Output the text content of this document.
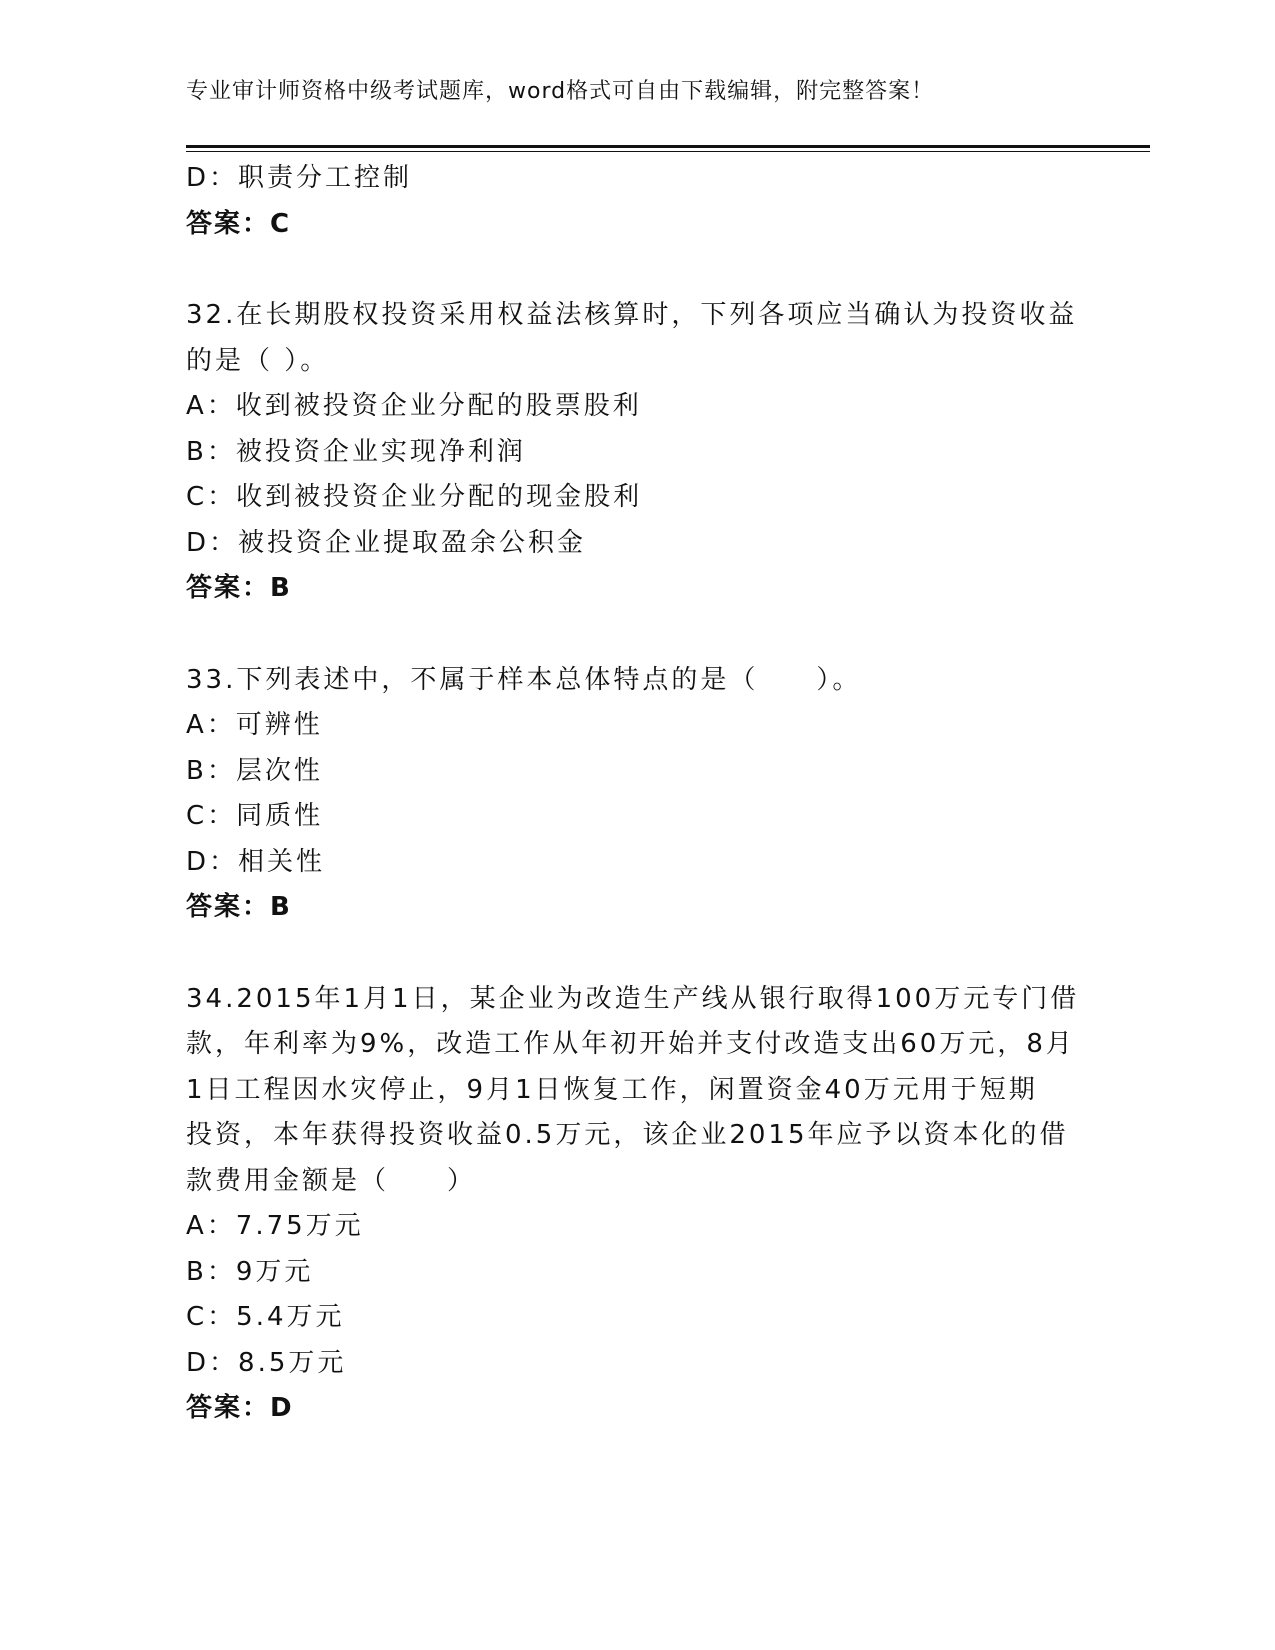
专业审计师资格中级考试题库，word格式可自由下载编辑，附完整答案！
D：职责分工控制
答案：C
32.在长期股权投资采用权益法核算时，下列各项应当确认为投资收益
的是（ ）。
A：收到被投资企业分配的股票股利
B：被投资企业实现净利润
C：收到被投资企业分配的现金股利
D：被投资企业提取盈余公积金
答案：B
33.下列表述中，不属于样本总体特点的是（　　）。
A：可辨性
B：层次性
C：同质性
D：相关性
答案：B
34.2015年1月1日，某企业为改造生产线从银行取得100万元专门借
款，年利率为9%，改造工作从年初开始并支付改造支出60万元，8月
1日工程因水灾停止，9月1日恢复工作，闲置资金40万元用于短期
投资，本年获得投资收益0.5万元，该企业2015年应予以资本化的借
款费用金额是（　　）
A：7.75万元
B：9万元
C：5.4万元
D：8.5万元
答案：D
